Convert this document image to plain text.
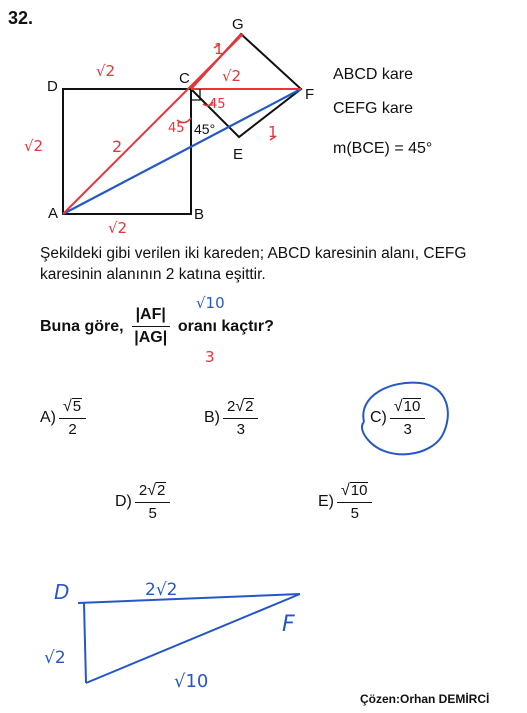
32.
D	C
G
F
E
A	B
45°
√2
√2	2
√2
1
√2
1
45
45
ABCD kare
CEFG kare
m(BCE) = 45°
Şekildeki gibi verilen iki kareden; ABCD karesinin alanı, CEFG karesinin alanının 2 katına eşittir.
Buna göre, $\frac{|AF|}{|AG|}$ oranı kaçtır?
√10
3
$A) \frac{√ 5}{2}$	$B) \frac{2 √ 2}{3}$	$C) \frac{√ 10}{3}$
$D) \frac{2 √ 2}{5}$	$E) \frac{√ 10}{5}$
D
F
2√2
√2
√10
Çözen:Orhan DEMİRCİ
